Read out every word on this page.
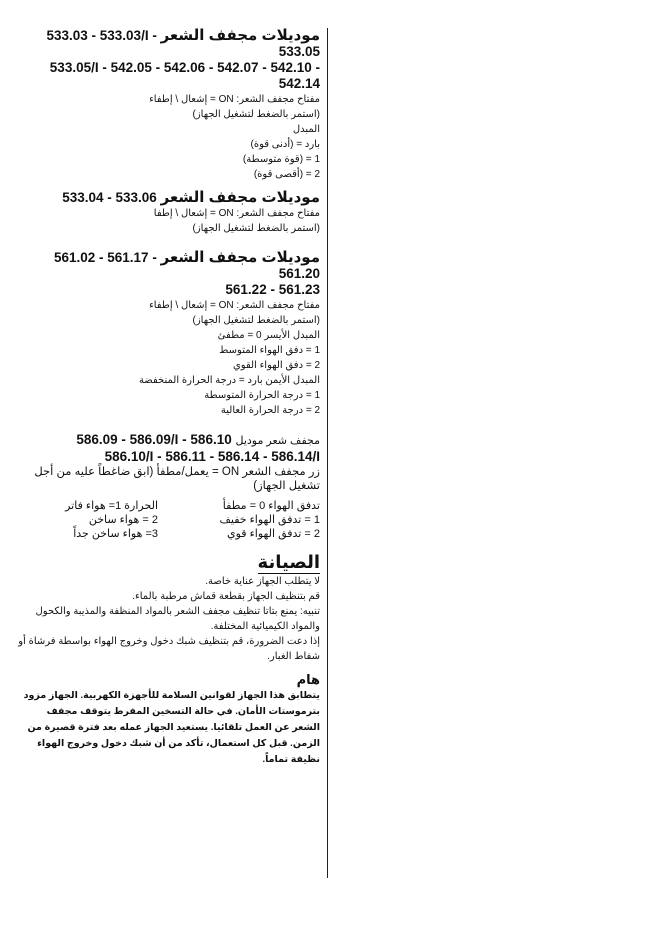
موديلات مجفف الشعر 533.03 - 533.03/I - 533.05
533.05/I - 542.05 - 542.06 - 542.07 - 542.10 - 542.14
مفتاح مجفف الشعر: ON = إشعال \ إطفاء
(استمر بالضغط لتشغيل الجهاز)
المبدل
بارد = (أدنى قوة)
1 = (قوة متوسطة)
2 = (أقصى قوة)
موديلات مجفف الشعر 533.04 - 533.06
مفتاح مجفف الشعر: ON = إشعال \ إطفا
(استمر بالضغط لتشغيل الجهاز)
موديلات مجفف الشعر 561.02 - 561.17 - 561.20
561.22 - 561.23
مفتاح مجفف الشعر: ON = إشعال \ إطفاء
(استمر بالضغط لتشغيل الجهاز)
المبدل الأيسر 0 = مطفئ
1 = دفق الهواء المتوسط
2 = دفق الهواء القوي
المبدل الأيمن بارد = درجة الحرارة المنخفضة
1 = درجة الحرارة المتوسطة
2 = درجة الحرارة العالية
مجفف شعر موديل 586.09 - 586.09/I - 586.10
586.10/I - 586.11 - 586.14 - 586.14/I
زر مجفف الشعر ON = يعمل/مطفأ (ابق ضاغطاً عليه من أجل تشغيل الجهاز)
تدفق الهواء 0 = مطفأ
1 = تدفق الهواء خفيف
2 = تدفق الهواء قوي
الحرارة 1= هواء فاتر
2 = هواء ساخن
3= هواء ساخن جداً
الصيانة
لا يتطلب الجهاز عناية خاصة.
قم بتنظيف الجهاز بقطعة قماش مرطبة بالماء.
تنبيه: يمنع بتاتا تنظيف مجفف الشعر بالمواد المنظفة والمذيبة والكحول والمواد الكيميائية المختلفة.
إذا دعت الضرورة، قم بتنظيف شبك دخول وخروج الهواء بواسطة فرشاة أو شفاط الغبار.
هام
يتطابق هذا الجهاز لقوانين السلامة للأجهزة الكهربية. الجهاز مزود بترموستات الأمان. في حالة التسخين المفرط يتوقف مجفف الشعر عن العمل تلقائيا. يستعيد الجهاز عمله بعد فترة قصيرة من الزمن. قبل كل استعمال، تأكد من أن شبك دخول وخروج الهواء نظيفة تماماً.
